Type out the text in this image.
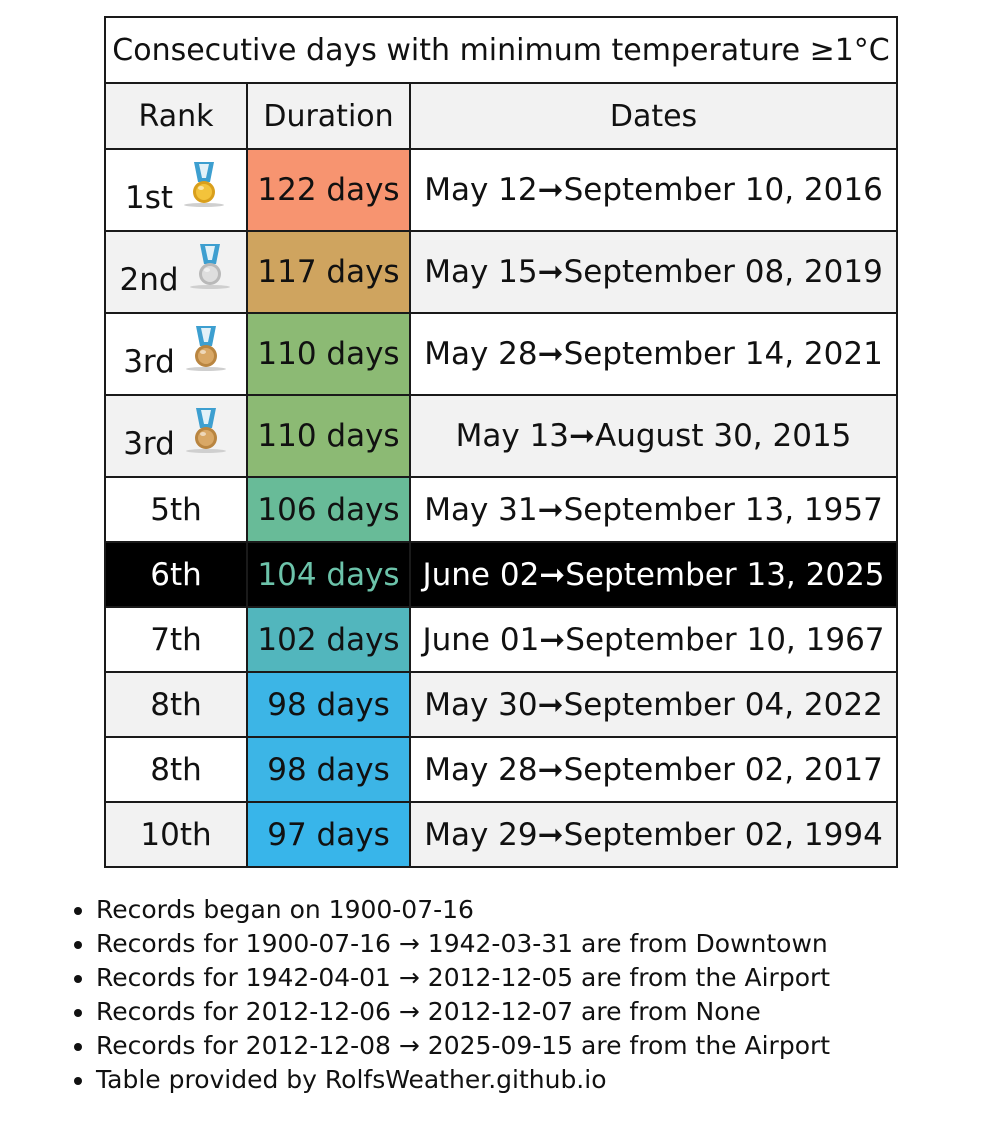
Consecutive days with minimum temperature ≥1°C		
Rank	Duration	Dates

1st	122 days	May 12➞September 10, 2016

2nd	117 days	May 15➞September 08, 2019

3rd	110 days	May 28➞September 14, 2021

3rd	110 days	May 13➞August 30, 2015

5th	106 days	May 31➞September 13, 1957

6th	104 days	June 02➞September 13, 2025

7th	102 days	June 01➞September 10, 1967

8th	98 days	May 30➞September 04, 2022

8th	98 days	May 28➞September 02, 2017

10th	97 days	May 29➞September 02, 1994
• Records began on 1900-07-16
• Records for 1900-07-16 → 1942-03-31 are from Downtown
• Records for 1942-04-01 → 2012-12-05 are from the Airport
• Records for 2012-12-06 → 2012-12-07 are from None
• Records for 2012-12-08 → 2025-09-15 are from the Airport
• Table provided by RolfsWeather.github.io
